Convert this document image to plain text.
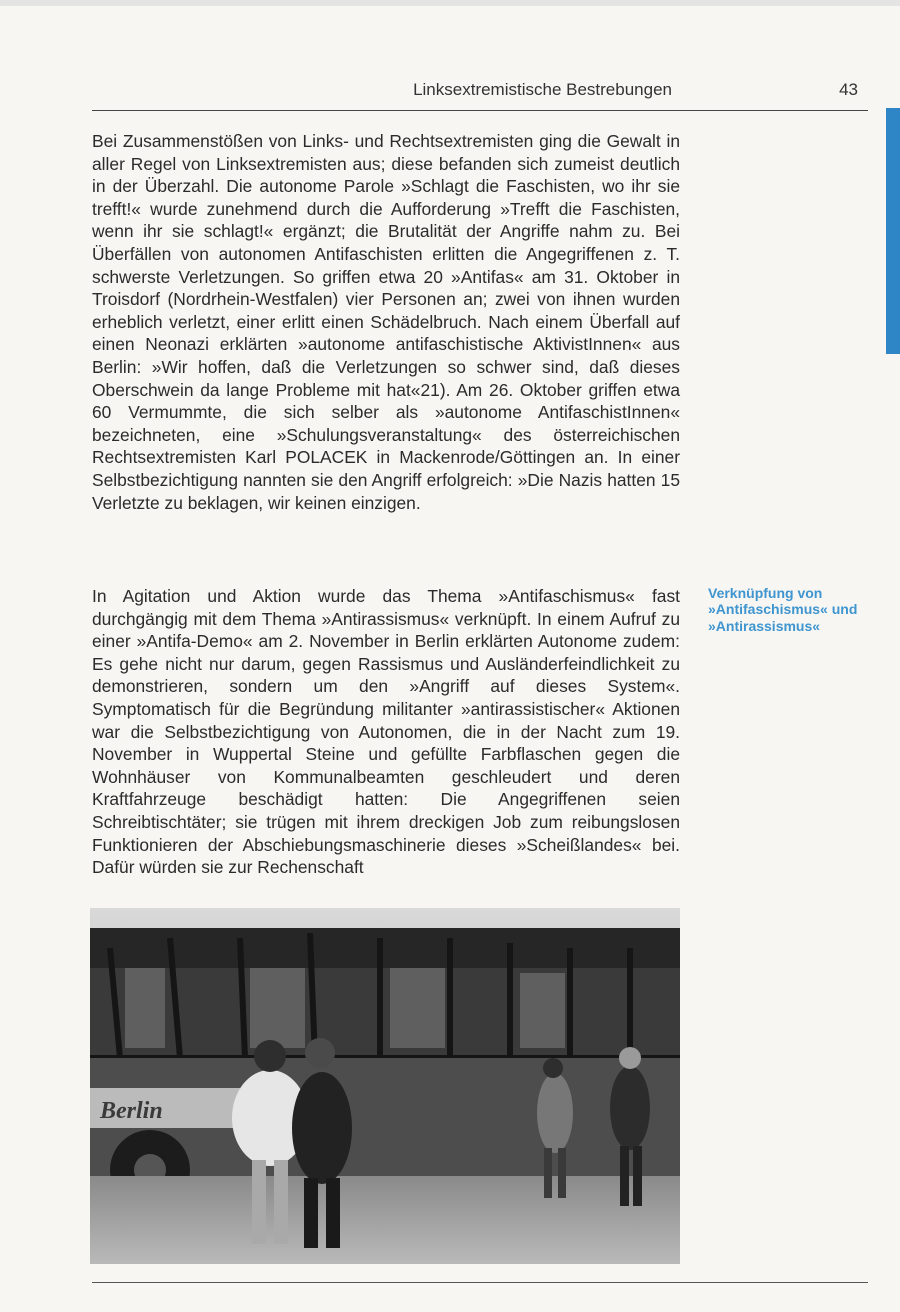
Linksextremistische Bestrebungen	43

Bei Zusammenstößen von Links- und Rechtsextremisten ging die Gewalt in aller Regel von Linksextremisten aus; diese befanden sich zumeist deutlich in der Überzahl. Die autonome Parole »Schlagt die Faschisten, wo ihr sie trefft!« wurde zunehmend durch die Aufforderung »Trefft die Faschisten, wenn ihr sie schlagt!« ergänzt; die Brutalität der Angriffe nahm zu. Bei Überfällen von autonomen Antifaschisten erlitten die Angegriffenen z. T. schwerste Verletzungen. So griffen etwa 20 »Antifas« am 31. Oktober in Troisdorf (Nordrhein-Westfalen) vier Personen an; zwei von ihnen wurden erheblich verletzt, einer erlitt einen Schädelbruch. Nach einem Überfall auf einen Neonazi erklärten »autonome antifaschistische AktivistInnen« aus Berlin: »Wir hoffen, daß die Verletzungen so schwer sind, daß dieses Oberschwein da lange Probleme mit hat«21). Am 26. Oktober griffen etwa 60 Vermummte, die sich selber als »autonome AntifaschistInnen« bezeichneten, eine »Schulungsveranstaltung« des österreichischen Rechtsextremisten Karl POLACEK in Mackenrode/Göttingen an. In einer Selbstbezichtigung nannten sie den Angriff erfolgreich: »Die Nazis hatten 15 Verletzte zu beklagen, wir keinen einzigen.

In Agitation und Aktion wurde das Thema »Antifaschismus« fast durchgängig mit dem Thema »Antirassismus« verknüpft. In einem Aufruf zu einer »Antifa-Demo« am 2. November in Berlin erklärten Autonome zudem: Es gehe nicht nur darum, gegen Rassismus und Ausländerfeindlichkeit zu demonstrieren, sondern um den »Angriff auf dieses System«. Symptomatisch für die Begründung militanter »antirassistischer« Aktionen war die Selbstbezichtigung von Autonomen, die in der Nacht zum 19. November in Wuppertal Steine und gefüllte Farbflaschen gegen die Wohnhäuser von Kommunalbeamten geschleudert und deren Kraftfahrzeuge beschädigt hatten: Die Angegriffenen seien Schreibtischtäter; sie trügen mit ihrem dreckigen Job zum reibungslosen Funktionieren der Abschiebungsmaschinerie dieses »Scheißlandes« bei. Dafür würden sie zur Rechenschaft

Verknüpfung von »Antifaschismus« und »Antirassismus«
Berlin
